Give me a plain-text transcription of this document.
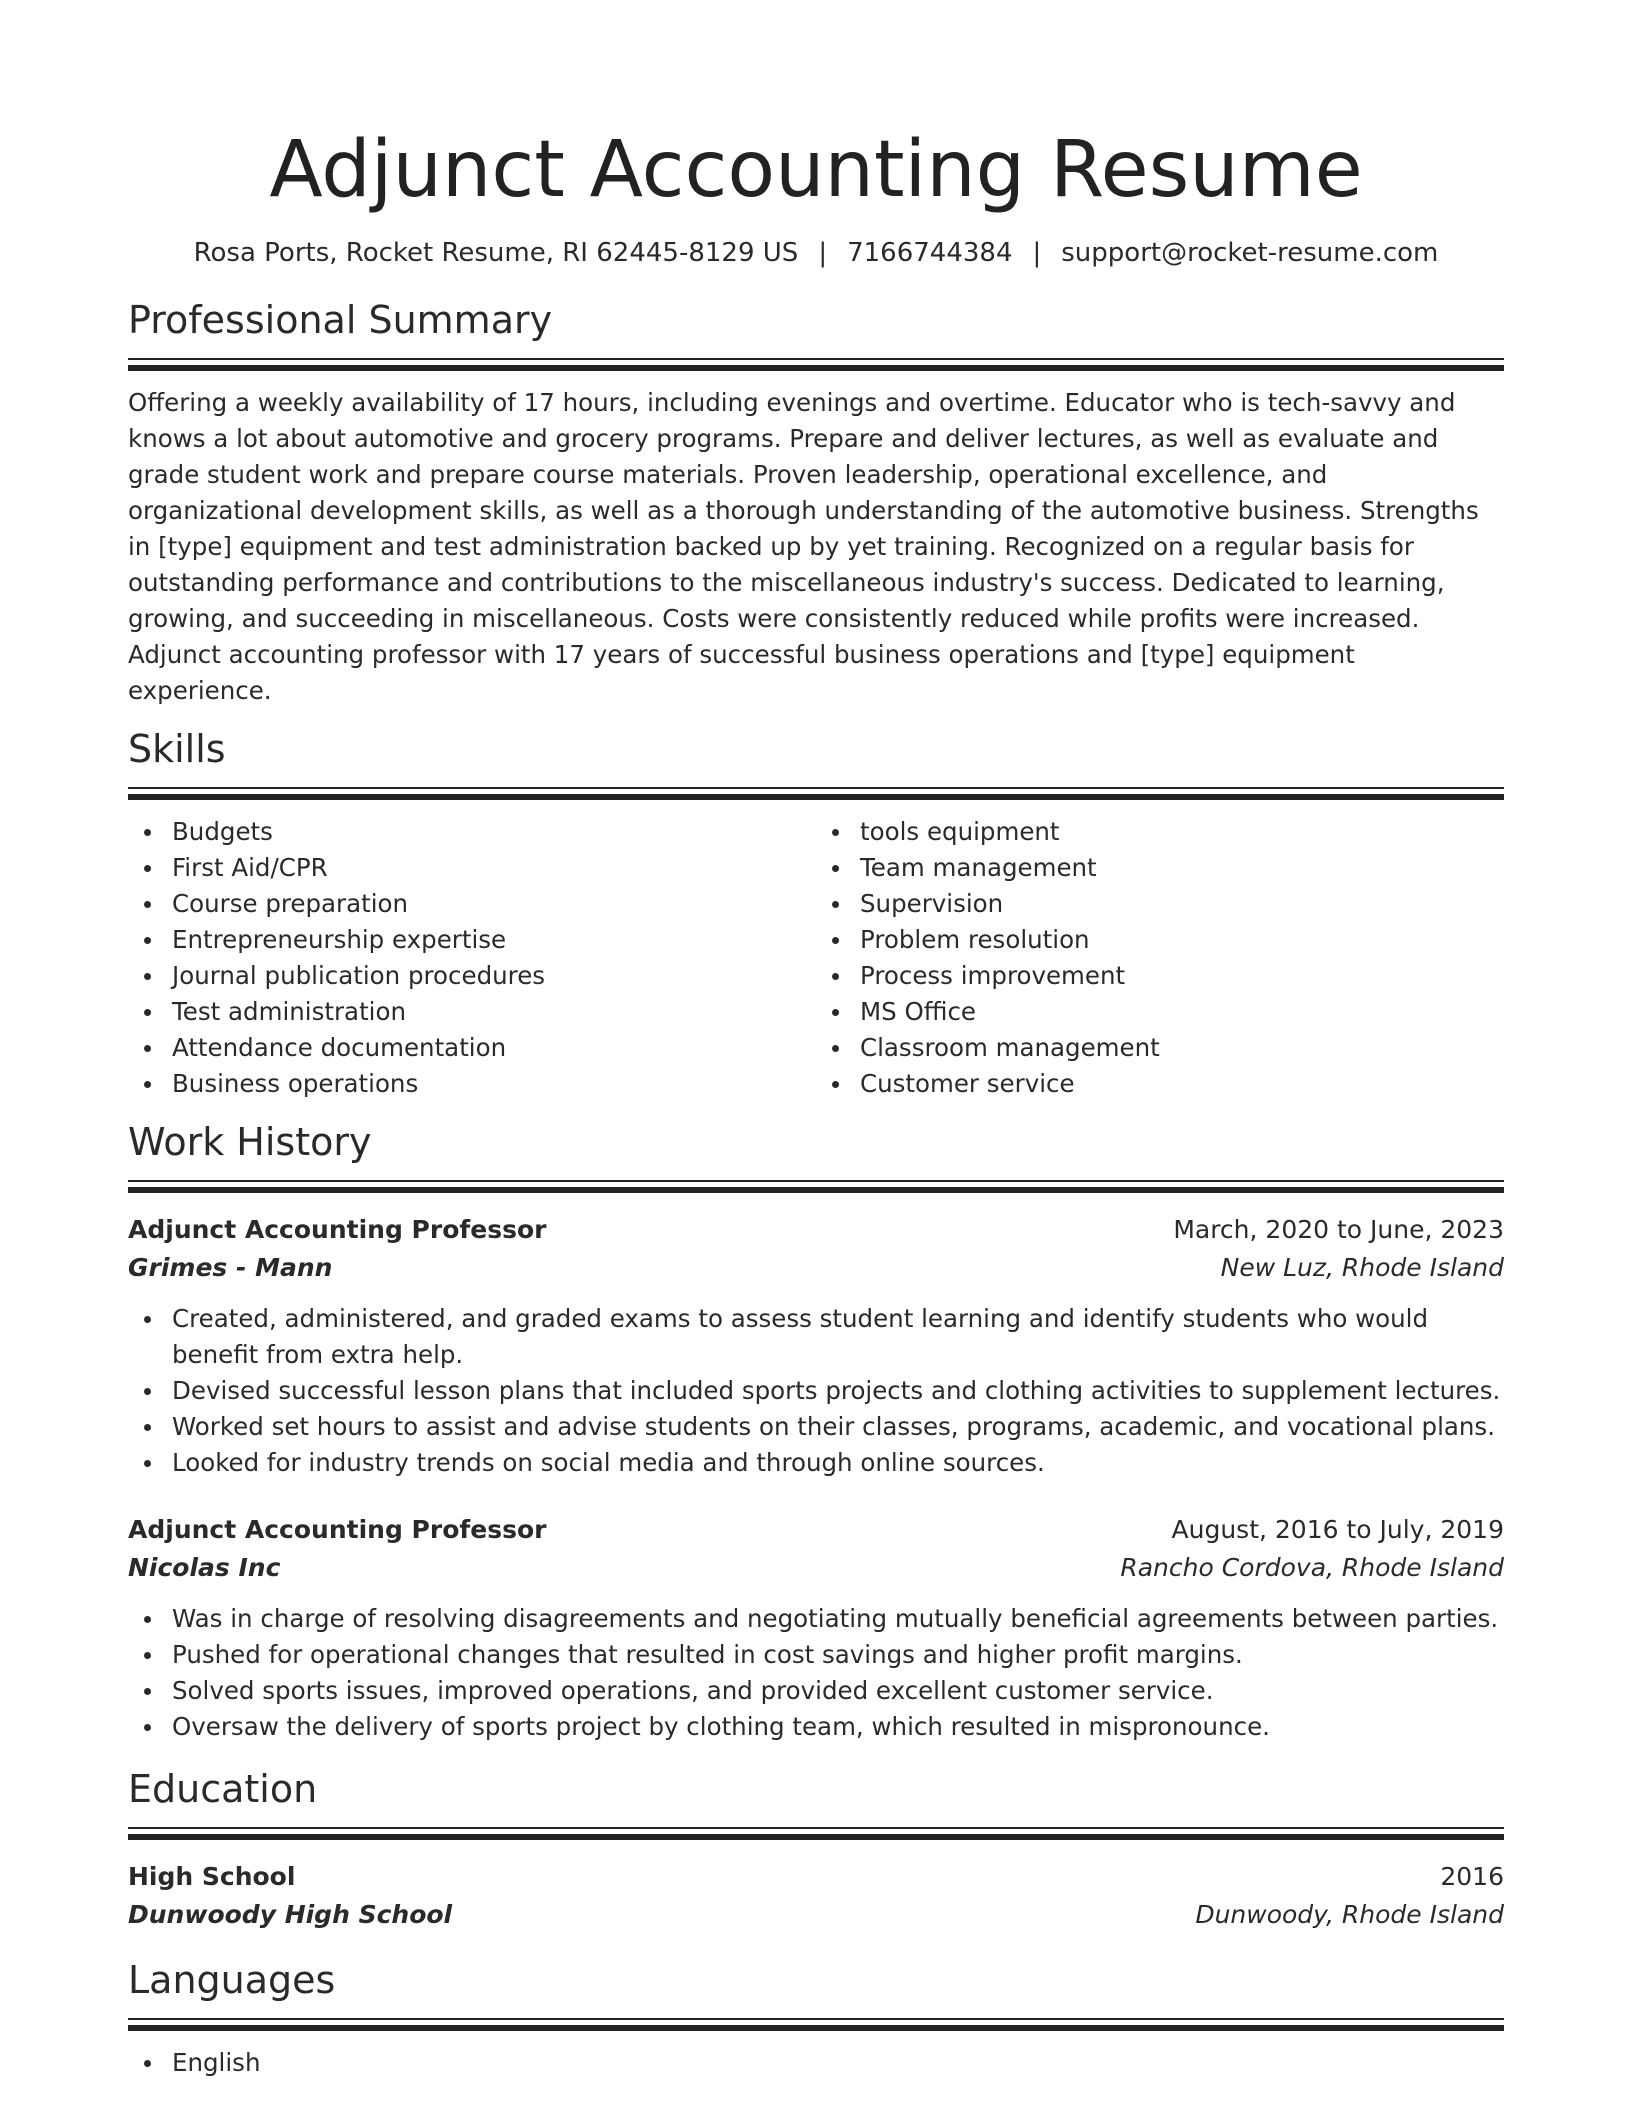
Adjunct Accounting Resume
Rosa Ports, Rocket Resume, RI 62445-8129 US | 7166744384 | support@rocket-resume.com
Professional Summary
Offering a weekly availability of 17 hours, including evenings and overtime. Educator who is tech-savvy and knows a lot about automotive and grocery programs. Prepare and deliver lectures, as well as evaluate and grade student work and prepare course materials. Proven leadership, operational excellence, and organizational development skills, as well as a thorough understanding of the automotive business. Strengths in [type] equipment and test administration backed up by yet training. Recognized on a regular basis for outstanding performance and contributions to the miscellaneous industry's success. Dedicated to learning, growing, and succeeding in miscellaneous. Costs were consistently reduced while profits were increased. Adjunct accounting professor with 17 years of successful business operations and [type] equipment experience.
Skills
Budgets
First Aid/CPR
Course preparation
Entrepreneurship expertise
Journal publication procedures
Test administration
Attendance documentation
Business operations
tools equipment
Team management
Supervision
Problem resolution
Process improvement
MS Office
Classroom management
Customer service
Work History
Adjunct Accounting Professor	March, 2020 to June, 2023
Grimes - Mann	New Luz, Rhode Island
Created, administered, and graded exams to assess student learning and identify students who would benefit from extra help.
Devised successful lesson plans that included sports projects and clothing activities to supplement lectures.
Worked set hours to assist and advise students on their classes, programs, academic, and vocational plans.
Looked for industry trends on social media and through online sources.
Adjunct Accounting Professor	August, 2016 to July, 2019
Nicolas Inc	Rancho Cordova, Rhode Island
Was in charge of resolving disagreements and negotiating mutually beneficial agreements between parties.
Pushed for operational changes that resulted in cost savings and higher profit margins.
Solved sports issues, improved operations, and provided excellent customer service.
Oversaw the delivery of sports project by clothing team, which resulted in mispronounce.
Education
High School	2016
Dunwoody High School	Dunwoody, Rhode Island
Languages
English
